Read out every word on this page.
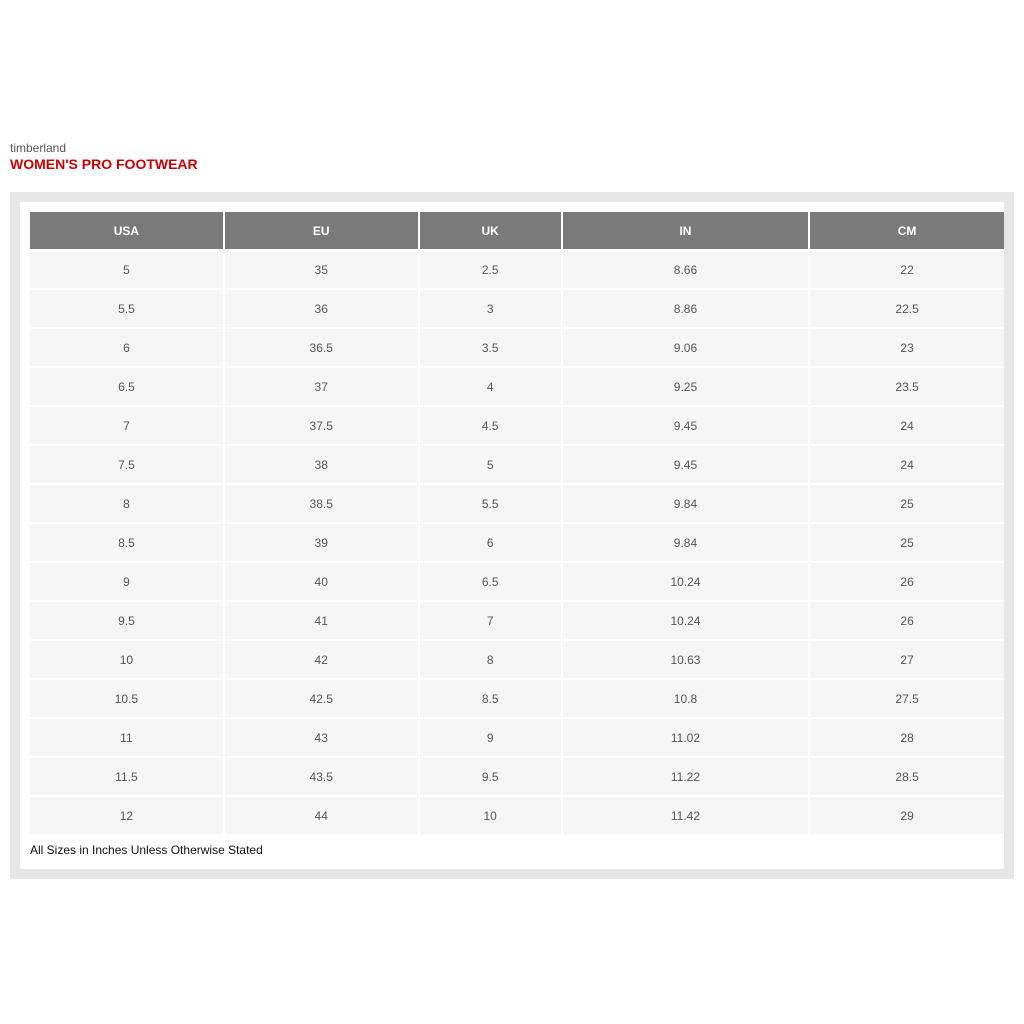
timberland
WOMEN'S PRO FOOTWEAR
USA	EU	UK	IN	CM
5	35	2.5	8.66	22
5.5	36	3	8.86	22.5
6	36.5	3.5	9.06	23
6.5	37	4	9.25	23.5
7	37.5	4.5	9.45	24
7.5	38	5	9.45	24
8	38.5	5.5	9.84	25
8.5	39	6	9.84	25
9	40	6.5	10.24	26
9.5	41	7	10.24	26
10	42	8	10.63	27
10.5	42.5	8.5	10.8	27.5
11	43	9	11.02	28
11.5	43.5	9.5	11.22	28.5
12	44	10	11.42	29
All Sizes in Inches Unless Otherwise Stated
